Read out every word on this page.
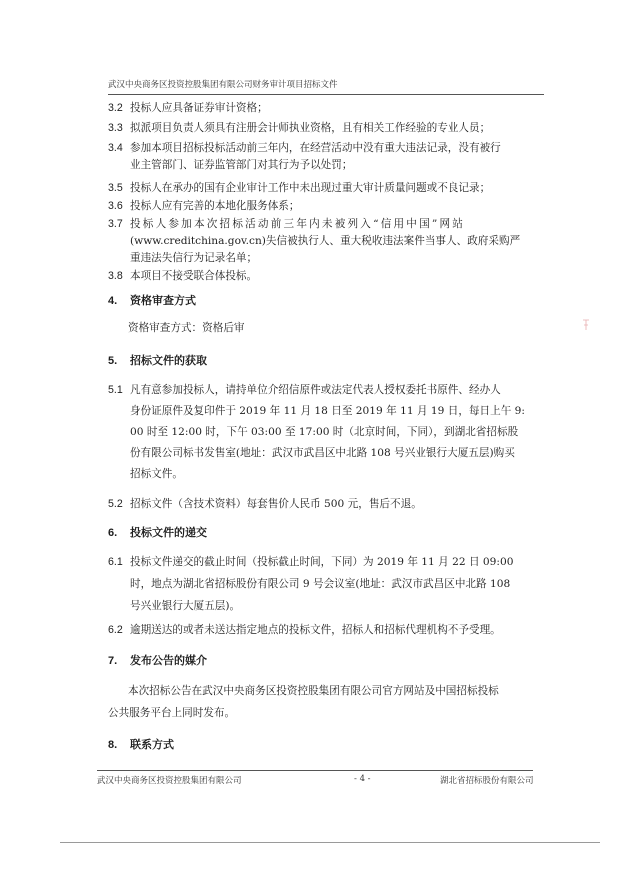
武汉中央商务区投资控股集团有限公司财务审计项目招标文件
3.2 投标人应具备证券审计资格；
3.3 拟派项目负责人须具有注册会计师执业资格，且有相关工作经验的专业人员；
3.4 参加本项目招标投标活动前三年内，在经营活动中没有重大违法记录，没有被行
业主管部门、证券监管部门对其行为予以处罚；
3.5 投标人在承办的国有企业审计工作中未出现过重大审计质量问题或不良记录；
3.6 投标人应有完善的本地化服务体系；
3.7 投标人参加本次招标活动前三年内未被列入“信用中国”网站
(www.creditchina.gov.cn)失信被执行人、重大税收违法案件当事人、政府采购严
重违法失信行为记录名单；
3.8 本项目不接受联合体投标。
4. 资格审查方式
资格审查方式：资格后审
5. 招标文件的获取
5.1 凡有意参加投标人，请持单位介绍信原件或法定代表人授权委托书原件、经办人
身份证原件及复印件于 2019 年 11 月 18 日至 2019 年 11 月 19 日，每日上午 9:
00 时至 12:00 时，下午 03:00 至 17:00 时（北京时间，下同），到湖北省招标股
份有限公司标书发售室(地址：武汉市武昌区中北路 108 号兴业银行大厦五层)购买
招标文件。
5.2 招标文件（含技术资料）每套售价人民币 500 元，售后不退。
6. 投标文件的递交
6.1 投标文件递交的截止时间（投标截止时间，下同）为 2019 年 11 月 22 日 09:00
时，地点为湖北省招标股份有限公司 9 号会议室(地址：武汉市武昌区中北路 108
号兴业银行大厦五层)。
6.2 逾期送达的或者未送达指定地点的投标文件，招标人和招标代理机构不予受理。
7. 发布公告的媒介
本次招标公告在武汉中央商务区投资控股集团有限公司官方网站及中国招标投标
公共服务平台上同时发布。
8. 联系方式
武汉中央商务区投资控股集团有限公司	- 4 -	湖北省招标股份有限公司
